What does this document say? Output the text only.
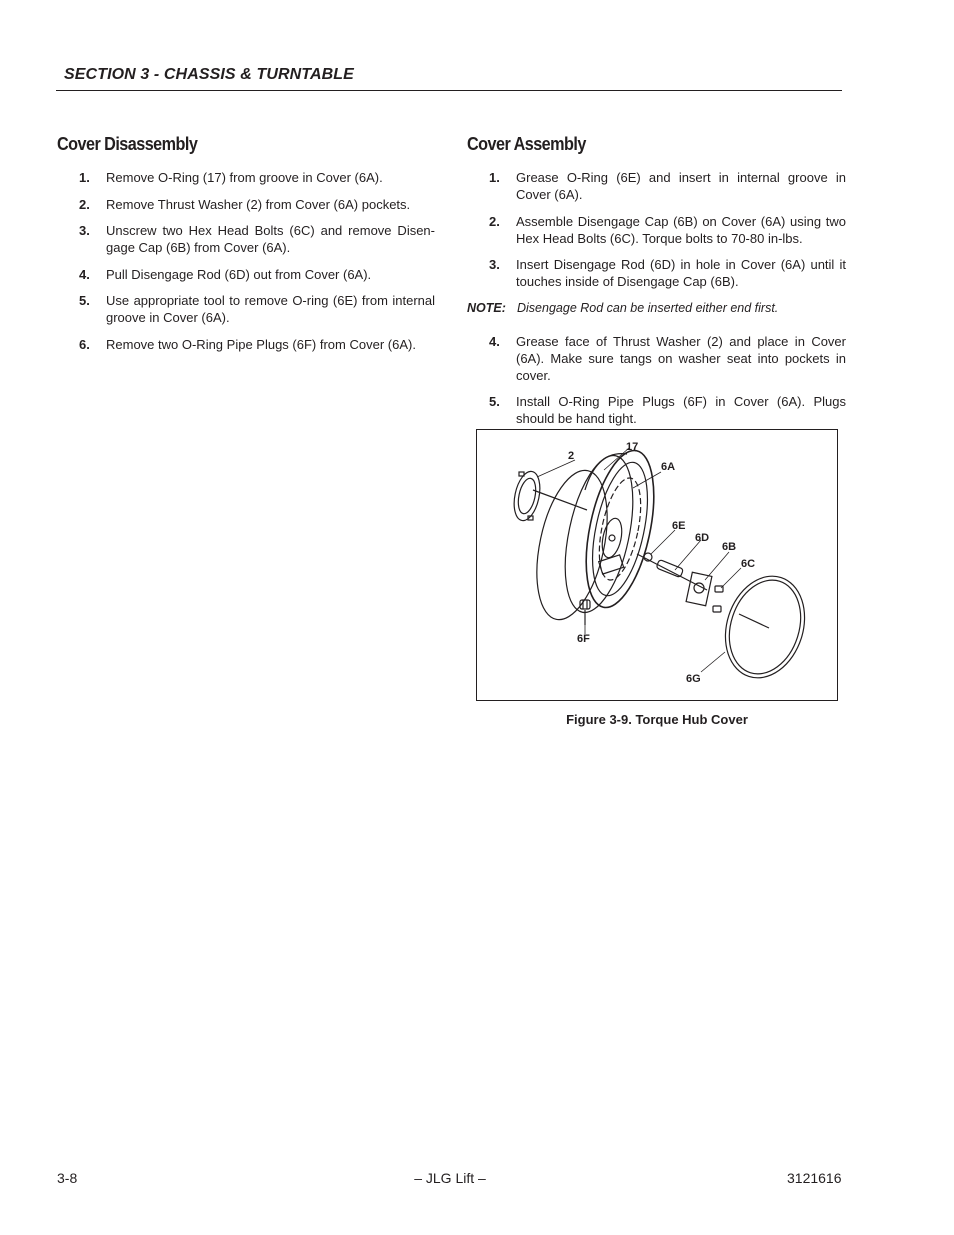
SECTION 3 - CHASSIS & TURNTABLE
Cover Disassembly
1. Remove O-Ring (17) from groove in Cover (6A).
2. Remove Thrust Washer (2) from Cover (6A) pockets.
3. Unscrew two Hex Head Bolts (6C) and remove Disen-gage Cap (6B) from Cover (6A).
4. Pull Disengage Rod (6D) out from Cover (6A).
5. Use appropriate tool to remove O-ring (6E) from internal groove in Cover (6A).
6. Remove two O-Ring Pipe Plugs (6F) from Cover (6A).
Cover Assembly
1. Grease O-Ring (6E) and insert in internal groove in Cover (6A).
2. Assemble Disengage Cap (6B) on Cover (6A) using two Hex Head Bolts (6C). Torque bolts to 70-80 in-lbs.
3. Insert Disengage Rod (6D) in hole in Cover (6A) until it touches inside of Disengage Cap (6B).
NOTE: Disengage Rod can be inserted either end first.
4. Grease face of Thrust Washer (2) and place in Cover (6A). Make sure tangs on washer seat into pockets in cover.
5. Install O-Ring Pipe Plugs (6F) in Cover (6A). Plugs should be hand tight.
2
17
6A
6E
6D
6B
6C
6F
6G
Figure 3-9. Torque Hub Cover
3-8	– JLG Lift –	3121616
